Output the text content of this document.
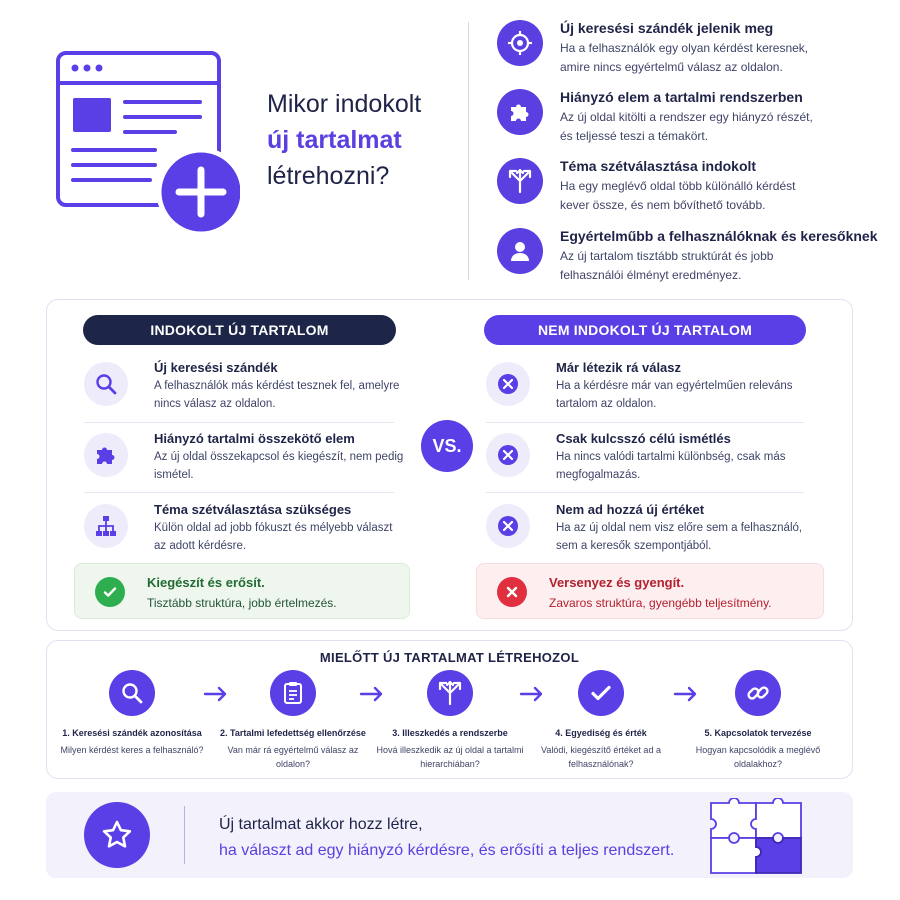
Mikor indokolt
új tartalmat
létrehozni?
Új keresési szándék jelenik meg
Ha a felhasználók egy olyan kérdést keresnek, amire nincs egyértelmű válasz az oldalon.
Hiányzó elem a tartalmi rendszerben
Az új oldal kitölti a rendszer egy hiányzó részét, és teljessé teszi a témakört.
Téma szétválasztása indokolt
Ha egy meglévő oldal több különálló kérdést kever össze, és nem bővíthető tovább.
Egyértelműbb a felhasználóknak és keresőknek
Az új tartalom tisztább struktúrát és jobb felhasználói élményt eredményez.
INDOKOLT ÚJ TARTALOM	NEM INDOKOLT ÚJ TARTALOM
Új keresési szándék
A felhasználók más kérdést tesznek fel, amelyre nincs válasz az oldalon.
Hiányzó tartalmi összekötő elem
Az új oldal összekapcsol és kiegészít, nem pedig ismétel.
Téma szétválasztása szükséges
Külön oldal ad jobb fókuszt és mélyebb választ az adott kérdésre.
VS.
Már létezik rá válasz
Ha a kérdésre már van egyértelműen releváns tartalom az oldalon.
Csak kulcsszó célú ismétlés
Ha nincs valódi tartalmi különbség, csak más megfogalmazás.
Nem ad hozzá új értéket
Ha az új oldal nem visz előre sem a felhasználó, sem a keresők szempontjából.
Kiegészít és erősít.
Tisztább struktúra, jobb értelmezés.
Versenyez és gyengít.
Zavaros struktúra, gyengébb teljesítmény.
MIELŐTT ÚJ TARTALMAT LÉTREHOZOL
1. Keresési szándék azonosítása
Milyen kérdést keres a felhasználó?
2. Tartalmi lefedettség ellenőrzése
Van már rá egyértelmű válasz az oldalon?
3. Illeszkedés a rendszerbe
Hová illeszkedik az új oldal a tartalmi hierarchiában?
4. Egyediség és érték
Valódi, kiegészítő értéket ad a felhasználónak?
5. Kapcsolatok tervezése
Hogyan kapcsolódik a meglévő oldalakhoz?
Új tartalmat akkor hozz létre,
ha választ ad egy hiányzó kérdésre, és erősíti a teljes rendszert.
